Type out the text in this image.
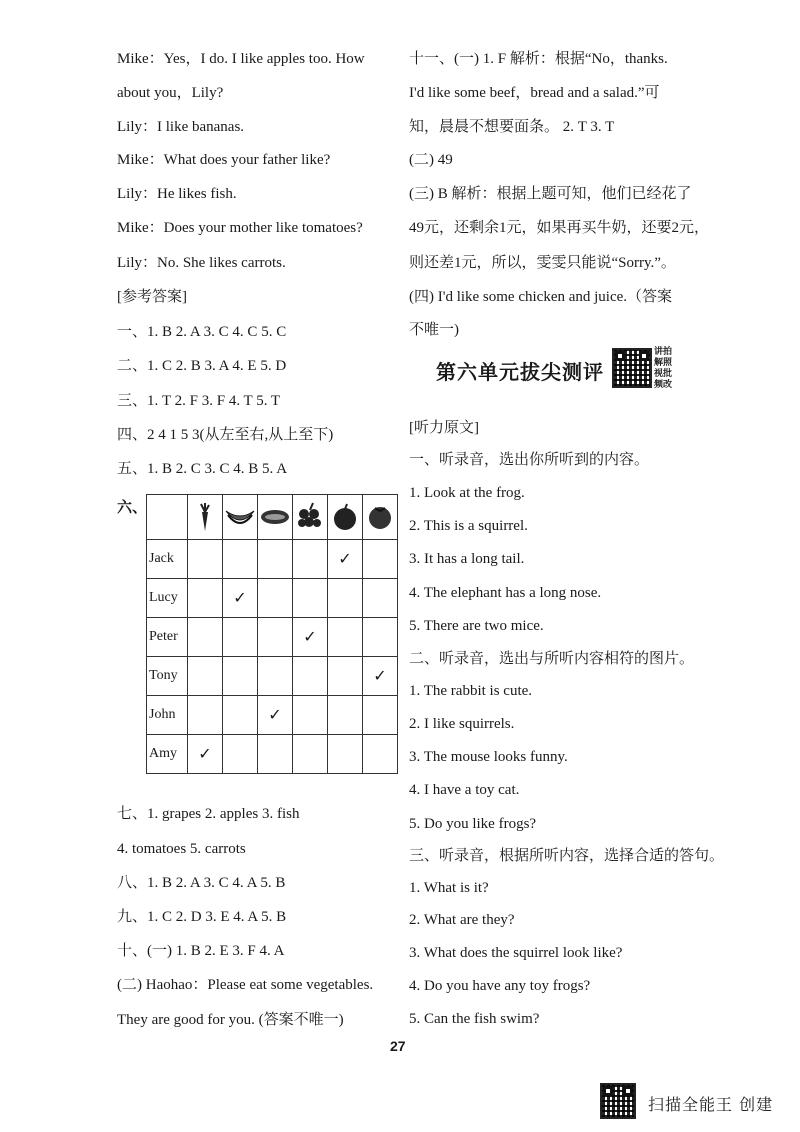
Mike：Yes，I do. I like apples too. How
about you，Lily?
Lily：I like bananas.
Mike：What does your father like?
Lily：He likes fish.
Mike：Does your mother like tomatoes?
Lily：No. She likes carrots.
[参考答案]
一、1. B 2. A 3. C 4. C 5. C
二、1. C 2. B 3. A 4. E 5. D
三、1. T 2. F 3. F 4. T 5. T
四、2 4 1 5 3(从左至右,从上至下)
五、1. B 2. C 3. C 4. B 5. A
七、1. grapes 2. apples 3. fish
4. tomatoes 5. carrots
八、1. B 2. A 3. C 4. A 5. B
九、1. C 2. D 3. E 4. A 5. B
十、(一) 1. B 2. E 3. F 4. A
(二) Haohao：Please eat some vegetables.
They are good for you. (答案不唯一)
十一、(一) 1. F 解析：根据“No，thanks.
I'd like some beef，bread and a salad.”可
知，晨晨不想要面条。 2. T 3. T
(二) 49
(三) B 解析：根据上题可知，他们已经花了
49元，还剩余1元，如果再买牛奶，还要2元，
则还差1元，所以，雯雯只能说“Sorry.”。
(四) I'd like some chicken and juice.（答案
不唯一)
[听力原文]
一、听录音，选出你所听到的内容。
1. Look at the frog.
2. This is a squirrel.
3. It has a long tail.
4. The elephant has a long nose.
5. There are two mice.
二、听录音，选出与所听内容相符的图片。
1. The rabbit is cute.
2. I like squirrels.
3. The mouse looks funny.
4. I have a toy cat.
5. Do you like frogs?
三、听录音，根据所听内容，选择合适的答句。
1. What is it?
2. What are they?
3. What does the squirrel look like?
4. Do you have any toy frogs?
5. Can the fish swim?
六、

Jack					✓	
Lucy		✓				
Peter				✓		
Tony						✓
John			✓			
Amy	✓					
第六单元拔尖测评
讲拍解照视批频改
27
扫描全能王 创建
